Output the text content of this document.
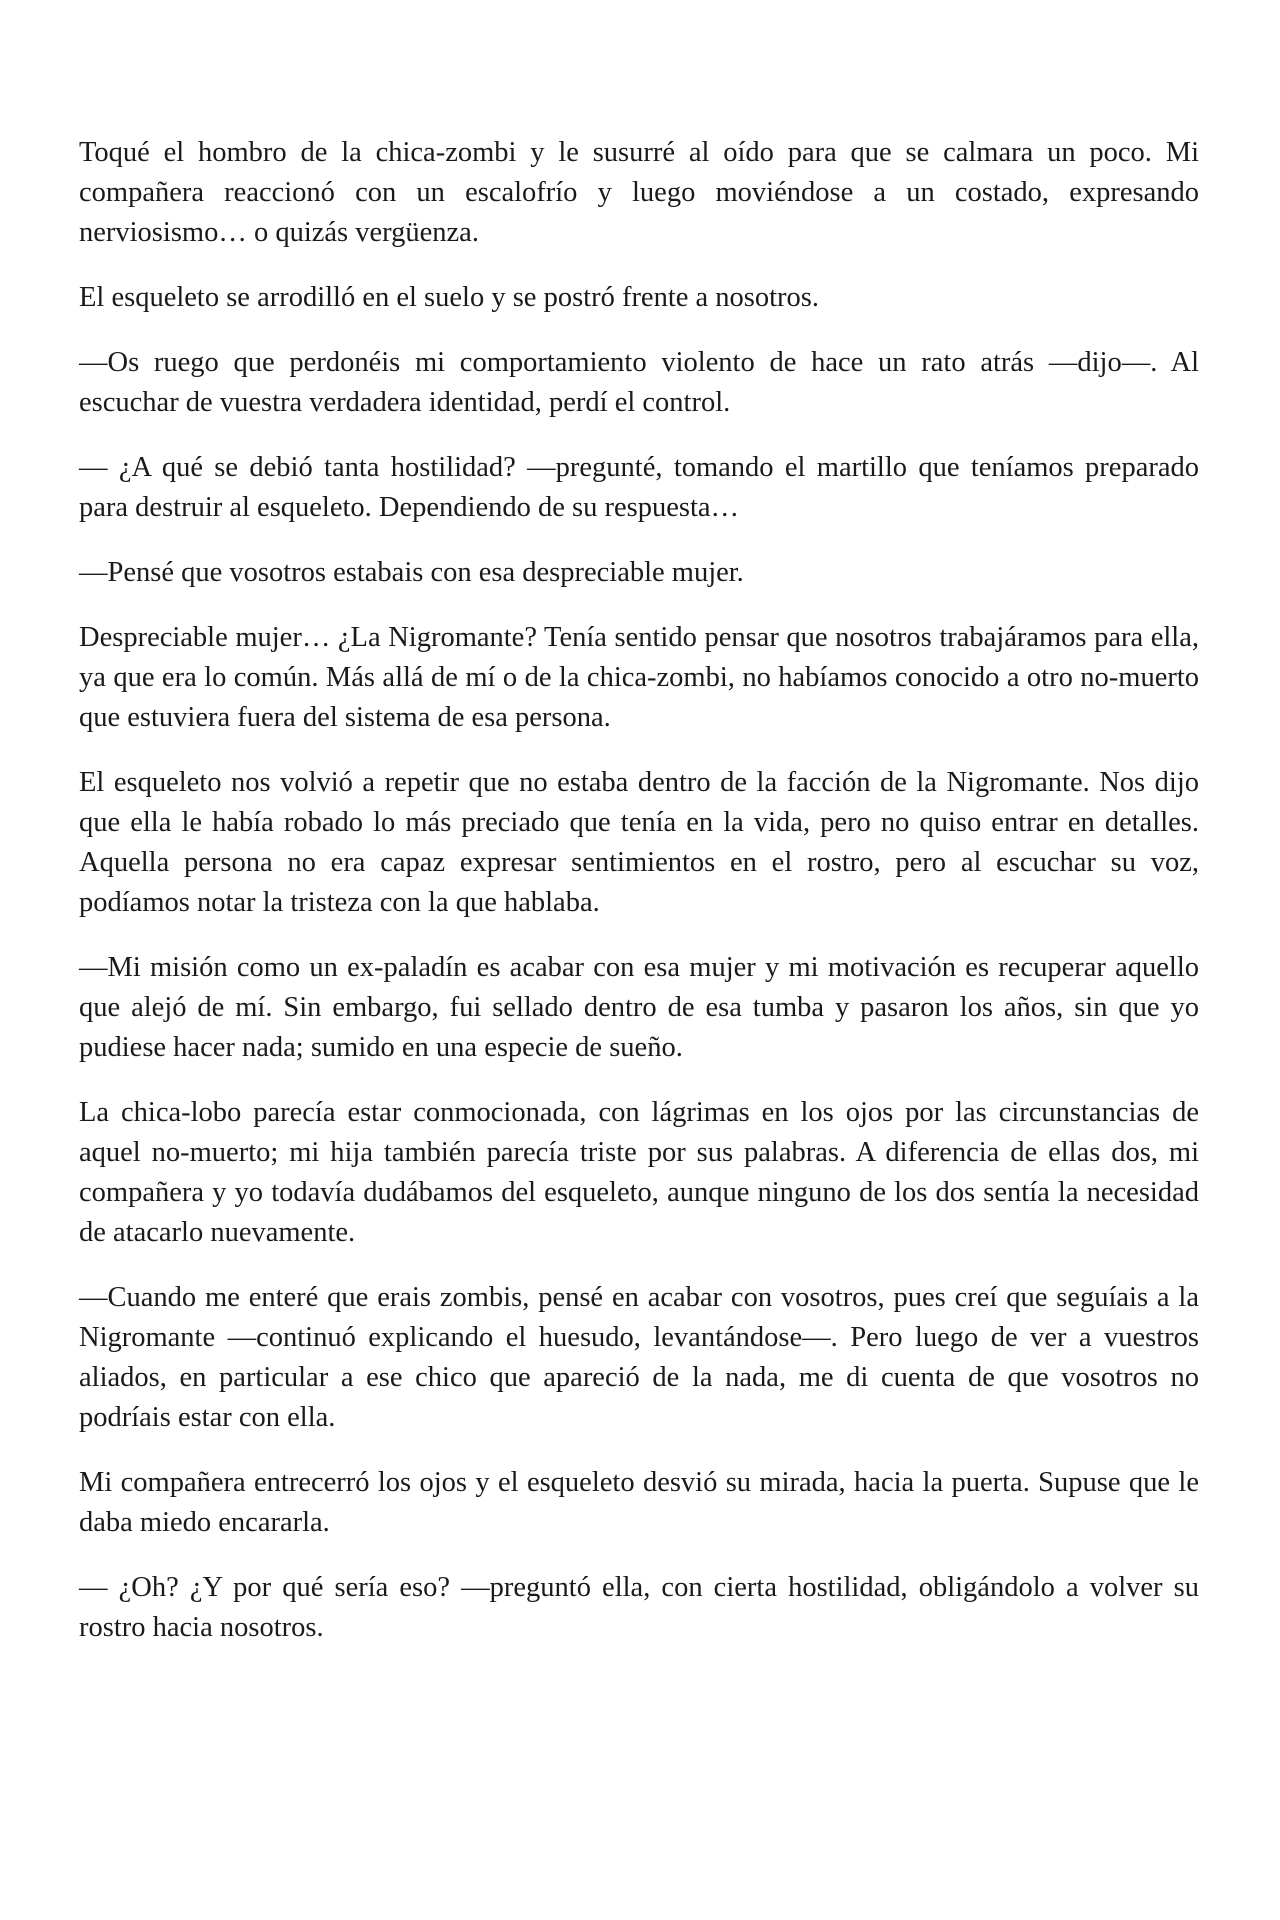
Toqué el hombro de la chica-zombi y le susurré al oído para que se calmara un poco. Mi compañera reaccionó con un escalofrío y luego moviéndose a un costado, expresando nerviosismo… o quizás vergüenza.

El esqueleto se arrodilló en el suelo y se postró frente a nosotros.

—Os ruego que perdonéis mi comportamiento violento de hace un rato atrás —dijo—. Al escuchar de vuestra verdadera identidad, perdí el control.

— ¿A qué se debió tanta hostilidad? —pregunté, tomando el martillo que teníamos preparado para destruir al esqueleto. Dependiendo de su respuesta…

—Pensé que vosotros estabais con esa despreciable mujer.

Despreciable mujer… ¿La Nigromante? Tenía sentido pensar que nosotros trabajáramos para ella, ya que era lo común. Más allá de mí o de la chica-zombi, no habíamos conocido a otro no-muerto que estuviera fuera del sistema de esa persona.

El esqueleto nos volvió a repetir que no estaba dentro de la facción de la Nigromante. Nos dijo que ella le había robado lo más preciado que tenía en la vida, pero no quiso entrar en detalles. Aquella persona no era capaz expresar sentimientos en el rostro, pero al escuchar su voz, podíamos notar la tristeza con la que hablaba.

—Mi misión como un ex-paladín es acabar con esa mujer y mi motivación es recuperar aquello que alejó de mí. Sin embargo, fui sellado dentro de esa tumba y pasaron los años, sin que yo pudiese hacer nada; sumido en una especie de sueño.

La chica-lobo parecía estar conmocionada, con lágrimas en los ojos por las circunstancias de aquel no-muerto; mi hija también parecía triste por sus palabras. A diferencia de ellas dos, mi compañera y yo todavía dudábamos del esqueleto, aunque ninguno de los dos sentía la necesidad de atacarlo nuevamente.

—Cuando me enteré que erais zombis, pensé en acabar con vosotros, pues creí que seguíais a la Nigromante —continuó explicando el huesudo, levantándose—. Pero luego de ver a vuestros aliados, en particular a ese chico que apareció de la nada, me di cuenta de que vosotros no podríais estar con ella.

Mi compañera entrecerró los ojos y el esqueleto desvió su mirada, hacia la puerta. Supuse que le daba miedo encararla.

— ¿Oh? ¿Y por qué sería eso? —preguntó ella, con cierta hostilidad, obligándolo a volver su rostro hacia nosotros.
